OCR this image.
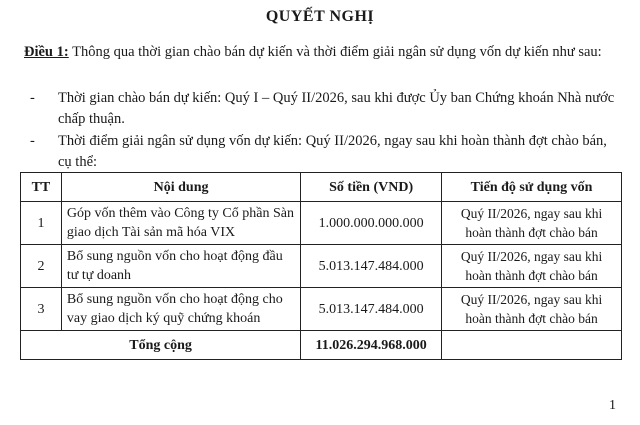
QUYẾT NGHỊ
Điều 1: Thông qua thời gian chào bán dự kiến và thời điểm giải ngân sử dụng vốn dự kiến như sau:
- Thời gian chào bán dự kiến: Quý I – Quý II/2026, sau khi được Ủy ban Chứng khoán Nhà nước chấp thuận.
- Thời điểm giải ngân sử dụng vốn dự kiến: Quý II/2026, ngay sau khi hoàn thành đợt chào bán, cụ thể:
TT	Nội dung	Số tiền (VND)	Tiến độ sử dụng vốn
1	Góp vốn thêm vào Công ty Cổ phần Sàn giao dịch Tài sản mã hóa VIX	1.000.000.000.000	Quý II/2026, ngay sau khi hoàn thành đợt chào bán
2	Bổ sung nguồn vốn cho hoạt động đầu tư tự doanh	5.013.147.484.000	Quý II/2026, ngay sau khi hoàn thành đợt chào bán
3	Bổ sung nguồn vốn cho hoạt động cho vay giao dịch ký quỹ chứng khoán	5.013.147.484.000	Quý II/2026, ngay sau khi hoàn thành đợt chào bán
Tổng cộng		11.026.294.968.000	
1
